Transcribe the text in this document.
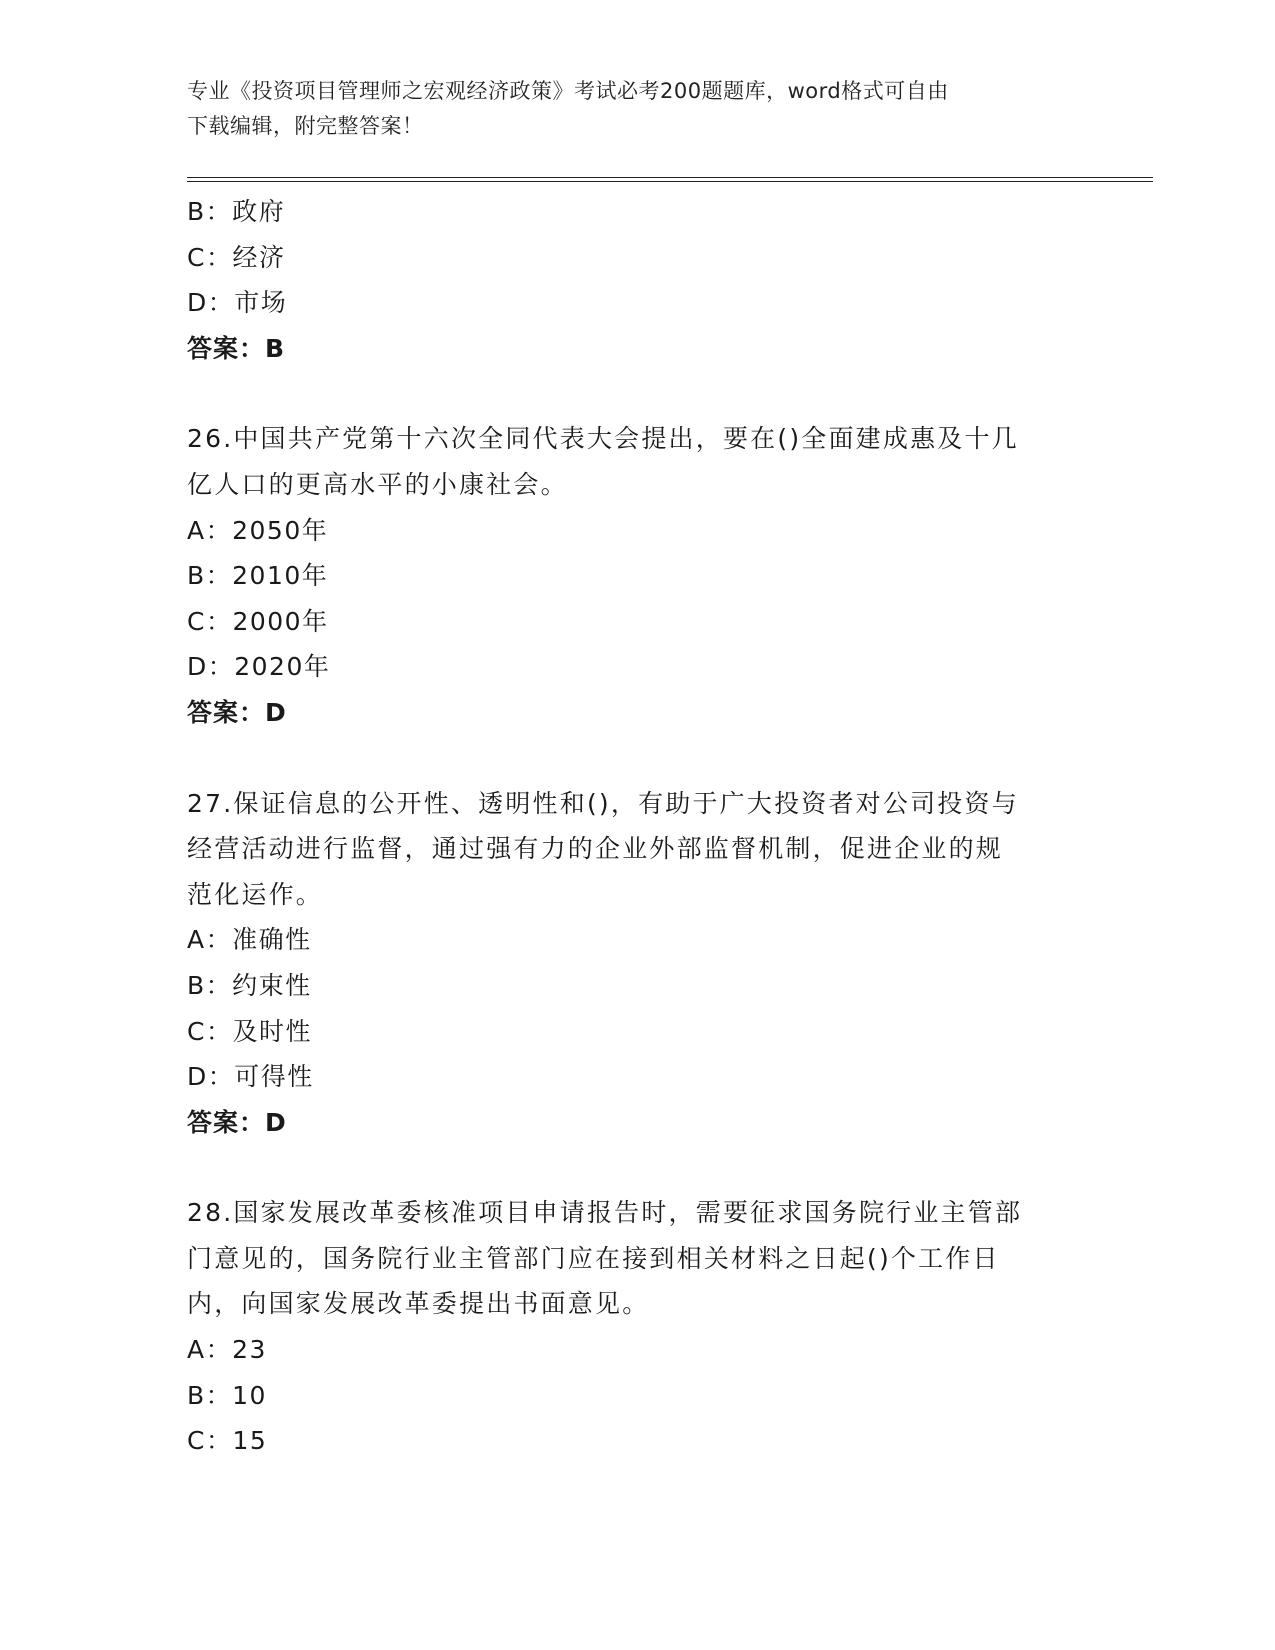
专业《投资项目管理师之宏观经济政策》考试必考200题题库，word格式可自由
下载编辑，附完整答案！
B：政府
C：经济
D：市场
答案：B
26.中国共产党第十六次全同代表大会提出，要在()全面建成惠及十几
亿人口的更高水平的小康社会。
A：2050年
B：2010年
C：2000年
D：2020年
答案：D
27.保证信息的公开性、透明性和()，有助于广大投资者对公司投资与
经营活动进行监督，通过强有力的企业外部监督机制，促进企业的规
范化运作。
A：准确性
B：约束性
C：及时性
D：可得性
答案：D
28.国家发展改革委核准项目申请报告时，需要征求国务院行业主管部
门意见的，国务院行业主管部门应在接到相关材料之日起()个工作日
内，向国家发展改革委提出书面意见。
A：23
B：10
C：15
